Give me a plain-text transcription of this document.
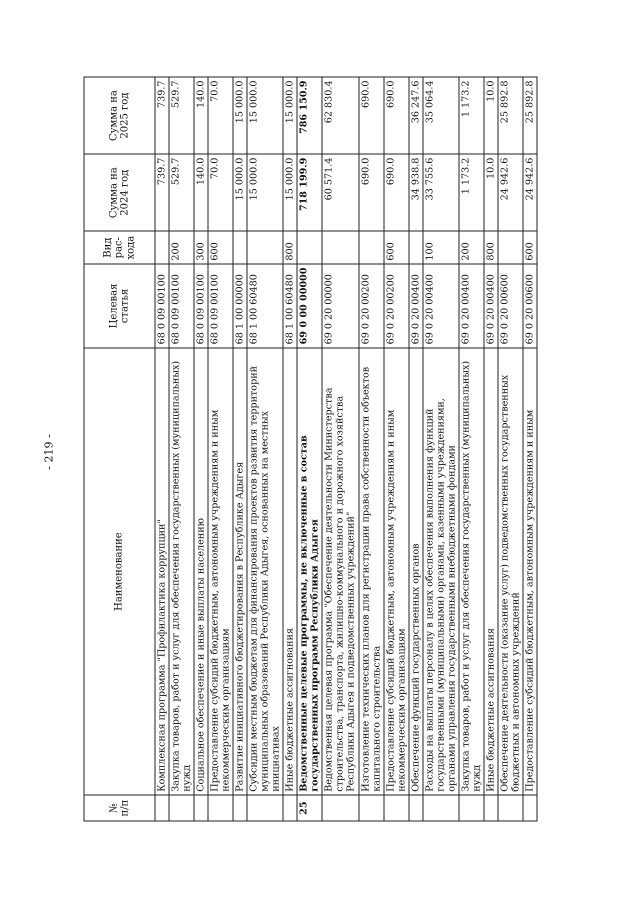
- 219 -
№ п/п	Наименование	Целевая статья	Вид рас-хода	Сумма на 2024 год	Сумма на 2025 год
	Комплексная программа "Профилактика коррупции"	68 0 09 00100		739.7	739.7
	Закупка товаров, работ и услуг для обеспечения государственных (муниципальных) нужд	68 0 09 00100	200	529.7	529.7
	Социальное обеспечение и иные выплаты населению	68 0 09 00100	300	140.0	140.0
	Предоставление субсидий бюджетным, автономным учреждениям и иным некоммерческим организациям	68 0 09 00100	600	70.0	70.0
	Развитие инициативного бюджетирования в Республике Адыгея	68 1 00 00000		15 000.0	15 000.0
	Субсидии местным бюджетам для финансирования проектов развития территорий муниципальных образований Республики Адыгея, основанных на местных инициативах	68 1 00 60480		15 000.0	15 000.0
	Иные бюджетные ассигнования	68 1 00 60480	800	15 000.0	15 000.0
25	Ведомственные целевые программы, не включенные в состав государственных программ Республики Адыгея	69 0 00 00000		718 199.9	786 150.9
	Ведомственная целевая программа "Обеспечение деятельности Министерства строительства, транспорта, жилищно-коммунального и дорожного хозяйства Республики Адыгея и подведомственных учреждений"	69 0 20 00000		60 571.4	62 830.4
	Изготовление технических планов для регистрации права собственности объектов капитального строительства	69 0 20 00200		690.0	690.0
	Предоставление субсидий бюджетным, автономным учреждениям и иным некоммерческим организациям	69 0 20 00200	600	690.0	690.0
	Обеспечение функций государственных органов	69 0 20 00400		34 938.8	36 247.6
	Расходы на выплаты персоналу в целях обеспечения выполнения функций государственными (муниципальными) органами, казенными учреждениями, органами управления государственными внебюджетными фондами	69 0 20 00400	100	33 755.6	35 064.4
	Закупка товаров, работ и услуг для обеспечения государственных (муниципальных) нужд	69 0 20 00400	200	1 173.2	1 173.2
	Иные бюджетные ассигнования	69 0 20 00400	800	10.0	10.0
	Обеспечение деятельности (оказание услуг) подведомственных государственных бюджетных и автономных учреждений	69 0 20 00600		24 942.6	25 892.8
	Предоставление субсидий бюджетным, автономным учреждениям и иным	69 0 20 00600	600	24 942.6	25 892.8
